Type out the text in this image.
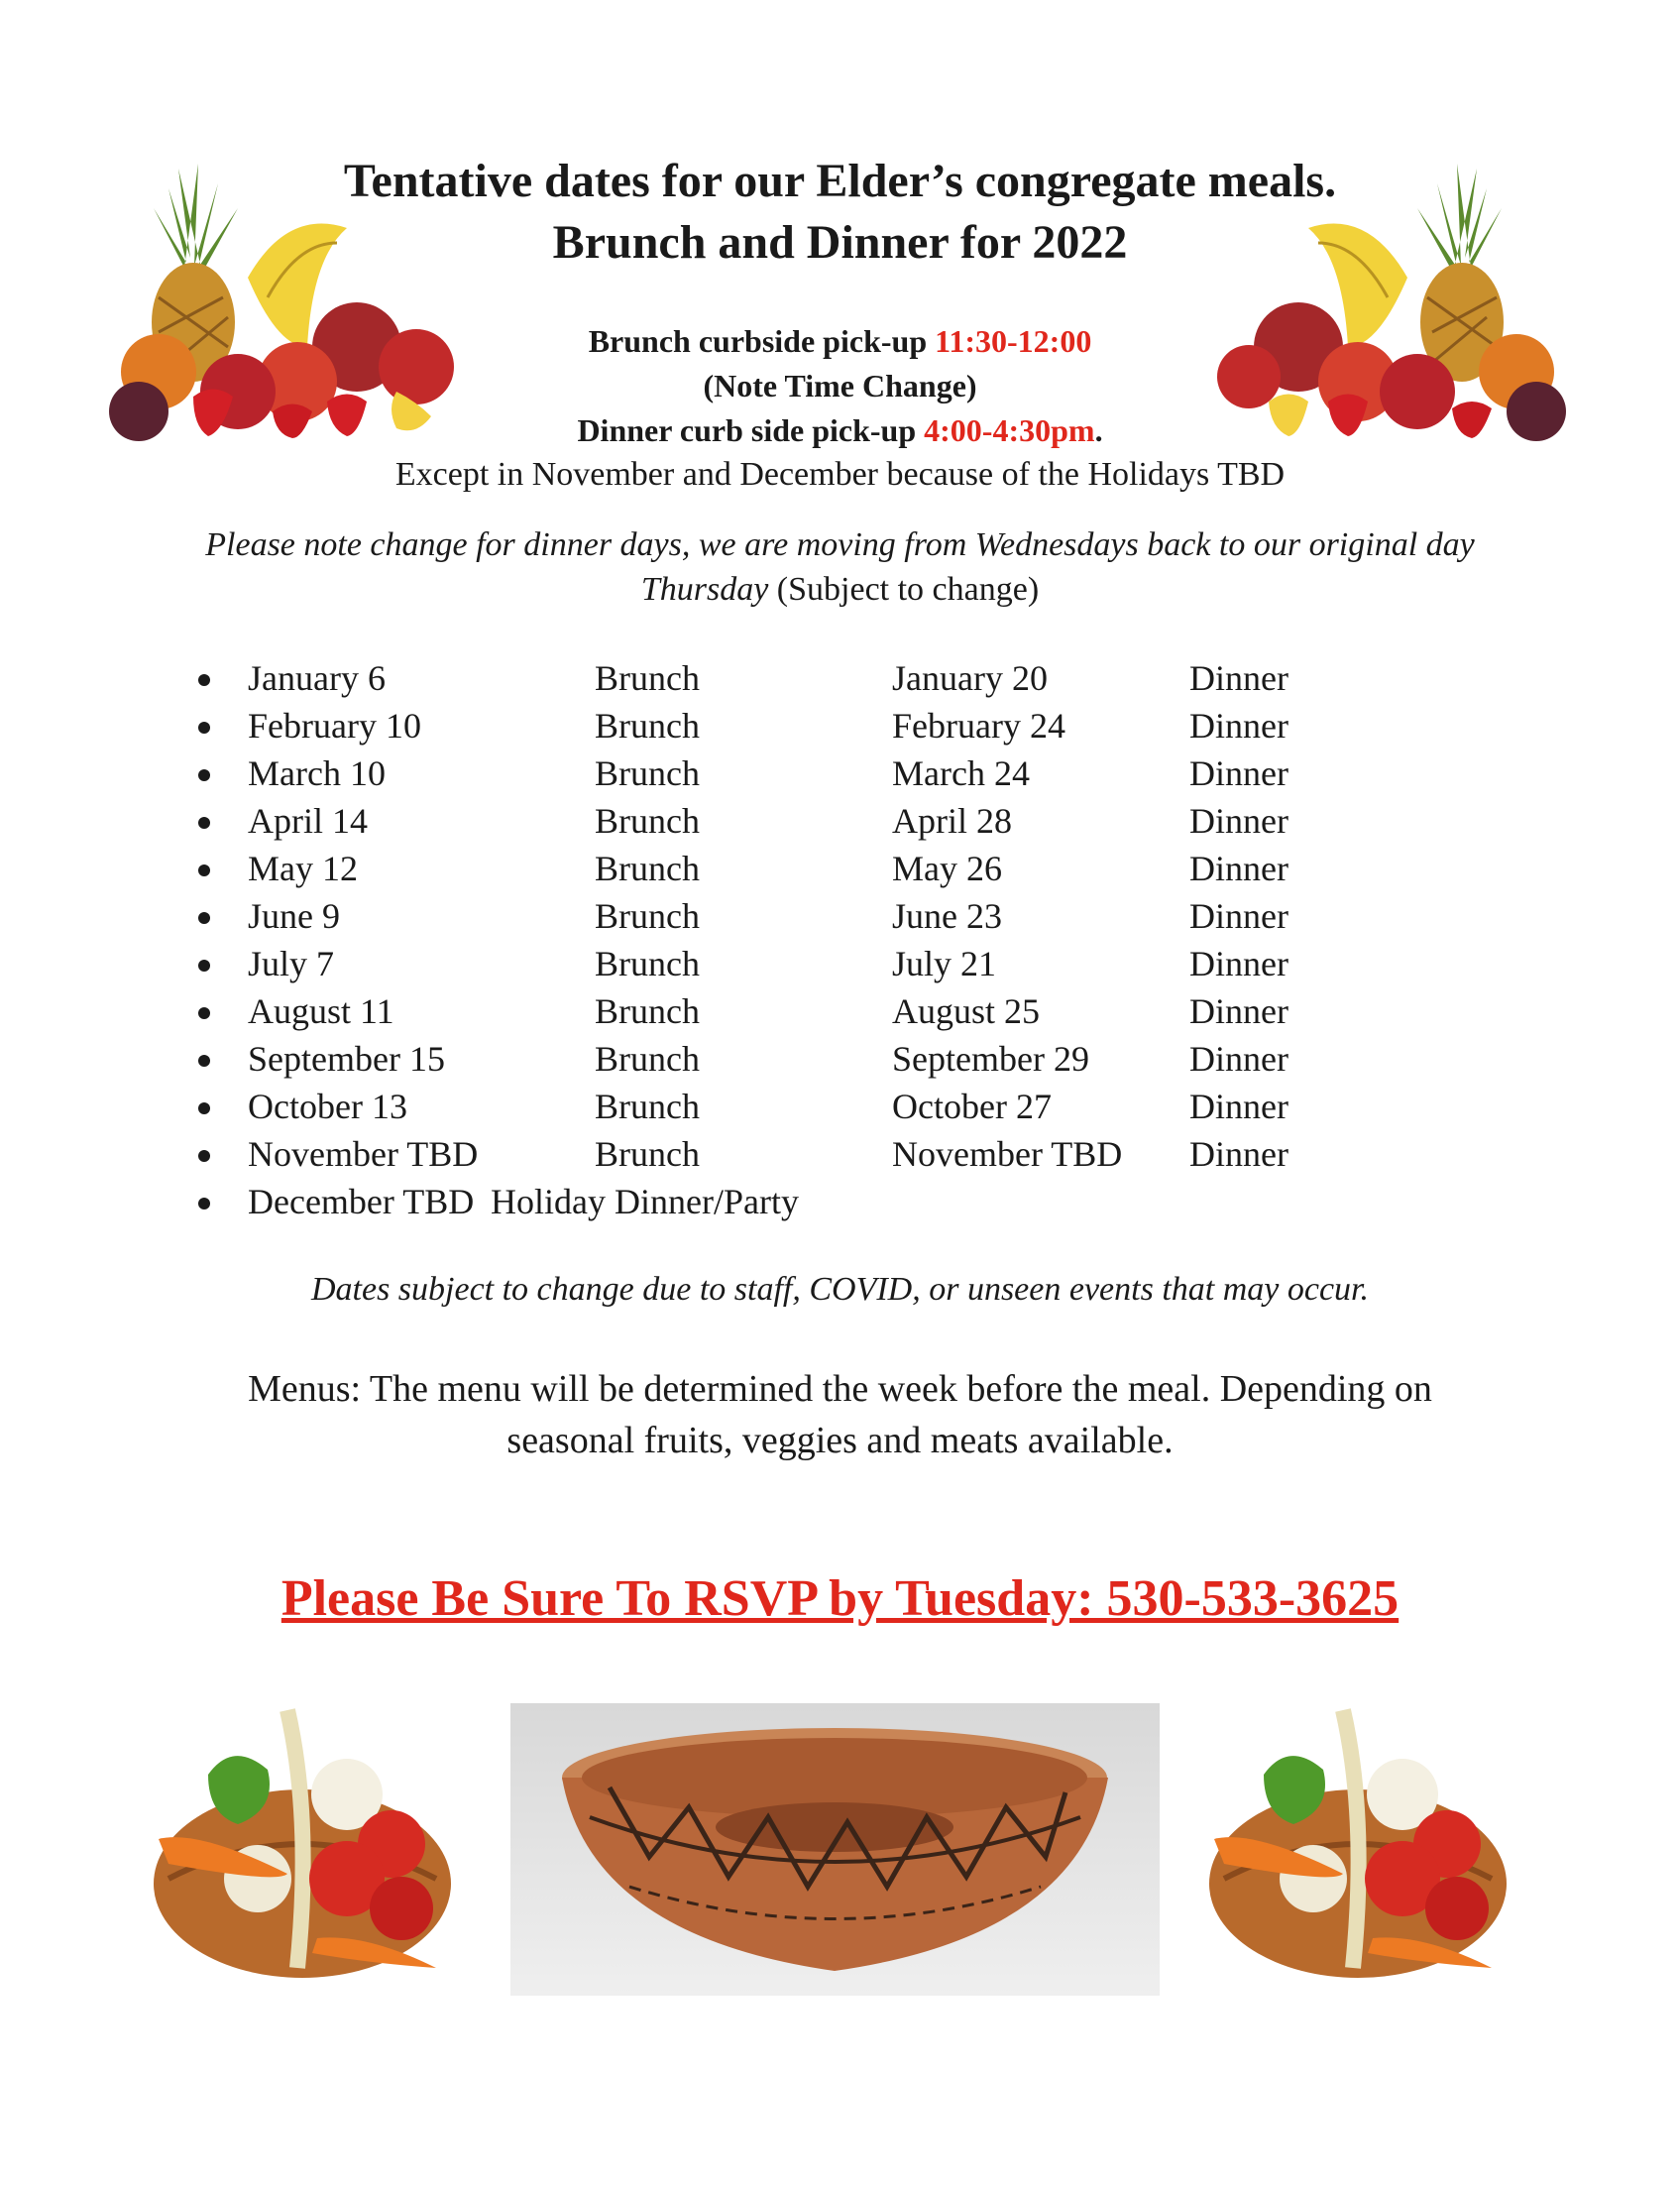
Tentative dates for our Elder’s congregate meals.
Brunch and Dinner for 2022
Brunch curbside pick-up 11:30-12:00
(Note Time Change)
Dinner curb side pick-up 4:00-4:30pm.
Except in November and December because of the Holidays TBD
Please note change for dinner days, we are moving from Wednesdays back to our original day
Thursday (Subject to change)
January 6	Brunch	January 20	Dinner
February 10	Brunch	February 24	Dinner
March 10	Brunch	March 24	Dinner
April 14	Brunch	April 28	Dinner
May 12	Brunch	May 26	Dinner
June 9	Brunch	June 23	Dinner
July 7	Brunch	July 21	Dinner
August 11	Brunch	August 25	Dinner
September 15	Brunch	September 29	Dinner
October 13	Brunch	October 27	Dinner
November TBD	Brunch	November TBD Dinner
December TBD Holiday Dinner/Party
Dates subject to change due to staff, COVID, or unseen events that may occur.
Menus: The menu will be determined the week before the meal. Depending on
seasonal fruits, veggies and meats available.
Please Be Sure To RSVP by Tuesday: 530-533-3625
